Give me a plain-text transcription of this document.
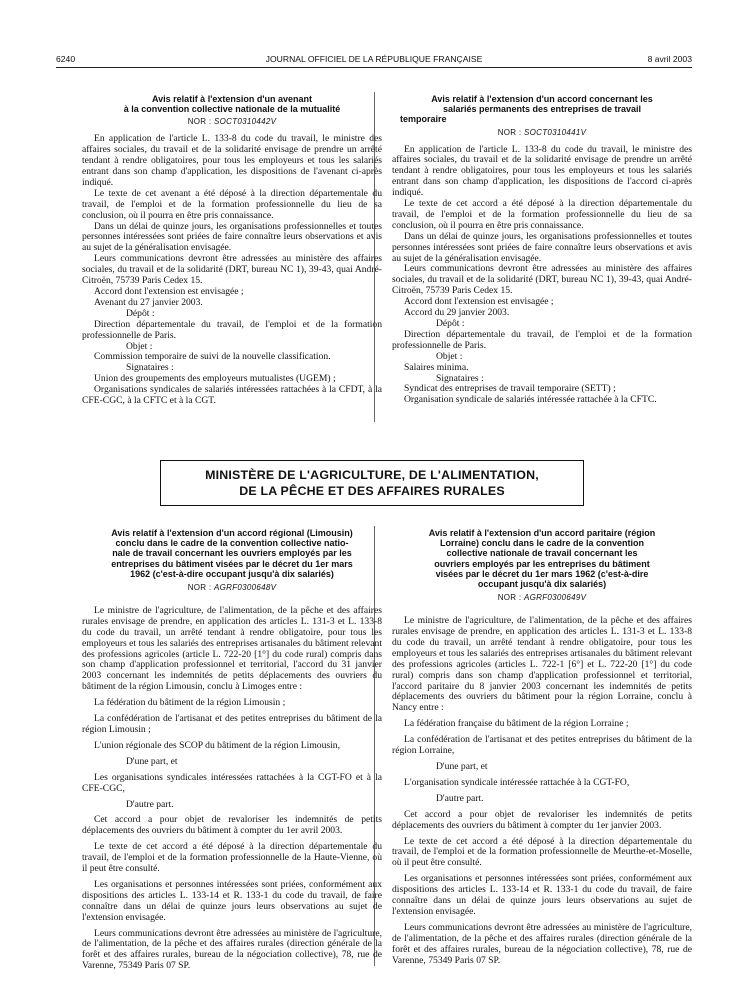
6240	JOURNAL OFFICIEL DE LA RÉPUBLIQUE FRANÇAISE	8 avril 2003
Avis relatif à l'extension d'un avenant
à la convention collective nationale de la mutualité
NOR : SOCT0310442V

En application de l'article L. 133-8 du code du travail, le ministre des affaires sociales, du travail et de la solidarité envisage de prendre un arrêté tendant à rendre obligatoires, pour tous les employeurs et tous les salariés entrant dans son champ d'application, les dispositions de l'avenant ci-après indiqué.

Le texte de cet avenant a été déposé à la direction départementale du travail, de l'emploi et de la formation professionnelle du lieu de sa conclusion, où il pourra en être pris connaissance.

Dans un délai de quinze jours, les organisations professionnelles et toutes personnes intéressées sont priées de faire connaître leurs observations et avis au sujet de la généralisation envisagée.

Leurs communications devront être adressées au ministère des affaires sociales, du travail et de la solidarité (DRT, bureau NC 1), 39-43, quai André-Citroën, 75739 Paris Cedex 15.

Accord dont l'extension est envisagée ;

Avenant du 27 janvier 2003.

Dépôt :

Direction départementale du travail, de l'emploi et de la formation professionnelle de Paris.

Objet :

Commission temporaire de suivi de la nouvelle classification.

Signataires :

Union des groupements des employeurs mutualistes (UGEM) ;

Organisations syndicales de salariés intéressées rattachées à la CFDT, à la CFE-CGC, à la CFTC et à la CGT.

Avis relatif à l'extension d'un accord concernant les
salariés permanents des entreprises de travail
temporaire
NOR : SOCT0310441V

En application de l'article L. 133-8 du code du travail, le ministre des affaires sociales, du travail et de la solidarité envisage de prendre un arrêté tendant à rendre obligatoires, pour tous les employeurs et tous les salariés entrant dans son champ d'application, les dispositions de l'accord ci-après indiqué.

Le texte de cet accord a été déposé à la direction départementale du travail, de l'emploi et de la formation professionnelle du lieu de sa conclusion, où il pourra en être pris connaissance.

Dans un délai de quinze jours, les organisations professionnelles et toutes personnes intéressées sont priées de faire connaître leurs observations et avis au sujet de la généralisation envisagée.

Leurs communications devront être adressées au ministère des affaires sociales, du travail et de la solidarité (DRT, bureau NC 1), 39-43, quai André-Citroën, 75739 Paris Cedex 15.

Accord dont l'extension est envisagée ;

Accord du 29 janvier 2003.

Dépôt :

Direction départementale du travail, de l'emploi et de la formation professionnelle de Paris.

Objet :

Salaires minima.

Signataires :

Syndicat des entreprises de travail temporaire (SETT) ;

Organisation syndicale de salariés intéressée rattachée à la CFTC.

MINISTÈRE DE L'AGRICULTURE, DE L'ALIMENTATION,
DE LA PÊCHE ET DES AFFAIRES RURALES
Avis relatif à l'extension d'un accord régional (Limousin)
conclu dans le cadre de la convention collective natio-
nale de travail concernant les ouvriers employés par les
entreprises du bâtiment visées par le décret du 1er mars
1962 (c'est-à-dire occupant jusqu'à dix salariés)
NOR : AGRF0300648V

Le ministre de l'agriculture, de l'alimentation, de la pêche et des affaires rurales envisage de prendre, en application des articles L. 131-3 et L. 133-8 du code du travail, un arrêté tendant à rendre obligatoire, pour tous les employeurs et tous les salariés des entreprises artisanales du bâtiment relevant des professions agricoles (article L. 722-20 [1°] du code rural) compris dans son champ d'application professionnel et territorial, l'accord du 31 janvier 2003 concernant les indemnités de petits déplacements des ouvriers du bâtiment de la région Limousin, conclu à Limoges entre :

La fédération du bâtiment de la région Limousin ;

La confédération de l'artisanat et des petites entreprises du bâtiment de la région Limousin ;

L'union régionale des SCOP du bâtiment de la région Limousin,

D'une part, et

Les organisations syndicales intéressées rattachées à la CGT-FO et à la CFE-CGC,

D'autre part.

Cet accord a pour objet de revaloriser les indemnités de petits déplacements des ouvriers du bâtiment à compter du 1er avril 2003.

Le texte de cet accord a été déposé à la direction départementale du travail, de l'emploi et de la formation professionnelle de la Haute-Vienne, où il peut être consulté.

Les organisations et personnes intéressées sont priées, conformément aux dispositions des articles L. 133-14 et R. 133-1 du code du travail, de faire connaître dans un délai de quinze jours leurs observations au sujet de l'extension envisagée.

Leurs communications devront être adressées au ministère de l'agriculture, de l'alimentation, de la pêche et des affaires rurales (direction générale de la forêt et des affaires rurales, bureau de la négociation collective), 78, rue de Varenne, 75349 Paris 07 SP.

Avis relatif à l'extension d'un accord paritaire (région
Lorraine) conclu dans le cadre de la convention
collective nationale de travail concernant les
ouvriers employés par les entreprises du bâtiment
visées par le décret du 1er mars 1962 (c'est-à-dire
occupant jusqu'à dix salariés)
NOR : AGRF0300649V

Le ministre de l'agriculture, de l'alimentation, de la pêche et des affaires rurales envisage de prendre, en application des articles L. 131-3 et L. 133-8 du code du travail, un arrêté tendant à rendre obligatoire, pour tous les employeurs et tous les salariés des entreprises artisanales du bâtiment relevant des professions agricoles (articles L. 722-1 [6°] et L. 722-20 [1°] du code rural) compris dans son champ d'application professionnel et territorial, l'accord paritaire du 8 janvier 2003 concernant les indemnités de petits déplacements des ouvriers du bâtiment pour la région Lorraine, conclu à Nancy entre :

La fédération française du bâtiment de la région Lorraine ;

La confédération de l'artisanat et des petites entreprises du bâtiment de la région Lorraine,

D'une part, et

L'organisation syndicale intéressée rattachée à la CGT-FO,

D'autre part.

Cet accord a pour objet de revaloriser les indemnités de petits déplacements des ouvriers du bâtiment à compter du 1er janvier 2003.

Le texte de cet accord a été déposé à la direction départementale du travail, de l'emploi et de la formation professionnelle de Meurthe-et-Moselle, où il peut être consulté.

Les organisations et personnes intéressées sont priées, conformément aux dispositions des articles L. 133-14 et R. 133-1 du code du travail, de faire connaître dans un délai de quinze jours leurs observations au sujet de l'extension envisagée.

Leurs communications devront être adressées au ministère de l'agriculture, de l'alimentation, de la pêche et des affaires rurales (direction générale de la forêt et des affaires rurales, bureau de la négociation collective), 78, rue de Varenne, 75349 Paris 07 SP.
